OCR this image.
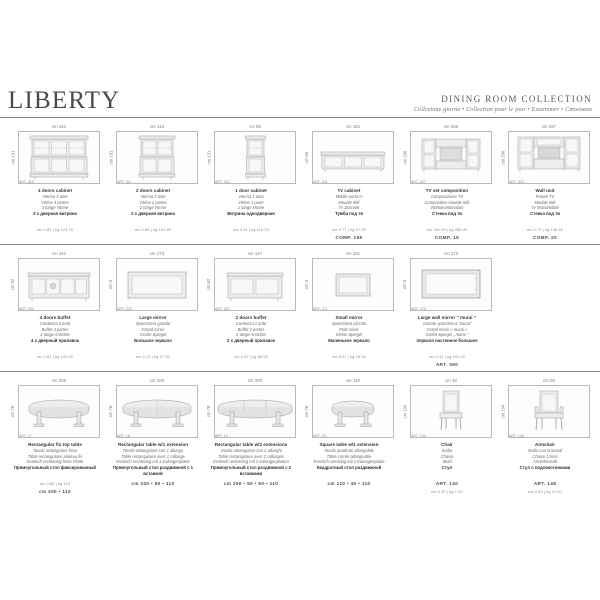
LIBERTY	DINING ROOM COLLECTION
Collezione giorno • Collection pour le jour • Esszimmer • Столовая
cm 141
cm 131
ART. 310
3 doors cabinet
Vetrina 3 ante
Vitrine 3 portes
3 türige Vitrine
3 х дверная витрина
mc 0.81 | kg 124.70
cm 110
cm 131
ART. 311
2 doors cabinet
Vetrina 2 ante
Vitrine 2 portes
2 türige Vitrine
2 х дверная витрина
mc 0.66 | kg 101.50
cm 65
cm 131
ART. 312
1 door cabinet
Vetrina 1 anta
Vitrine 1 porte
1 türige Vitrine
Витрина однодверная
mc 0.41 | kg 116.20
cm 161
cm 60
ART. 341
Tv cabinet
Mobile porta tv
Meuble télé
Tv Schrank
Тумба под тв
mc 0.77 | kg 67.00
COMP. 159
cm 285
cm 206
ART. 427
TV set composition
Composizione TV
Composition meuble télé
Wohnkombination
Стенка под тв
mc 161.00 | kg 285.40
COMP. 15
cm 297
cm 206
ART. 423
Wall unit
Parete TV
Meuble télé
Tv Wandmöbel
Стенка под тв
mc 0.72 | kg 136.40
COMP. 20
cm 141
cm 92
ART. 320
4 doors buffet
Credenza 4 ante
Buffet 4 portes
4 türige Anrichte
4 х дверный прилавок
mc 0.61 | kg 131.60
cm 173
cm 5
ART. 370
Large mirror
Specchiera grande
Grand miroir
Große Spiegel
Большое зеркало
mc 0.12 | kg 27.00
cm 147
cm 92
ART. 321
2 doors buffet
Credenza 2 ante
Buffet 2 portes
2 türige Anrichte
2 х дверный прилавок
mc 0.47 | kg 86.00
cm 101
cm 5
ART. 371
Small mirror
Specchiera piccola
Petit miroir
Kleine Spiegel
Маленькое зеркало
mc 0.07 | kg 18.00
cm 173
cm 5
ART. 379
Large wall mirror " murai "
Grande specchiera "murai"
Grand miroir « murai »
Große Spiegel „ murai "
Зеркало настенное большое
mc 0.12 | kg 101.40
ART. 350
cm 200
cm 78
ART. 17
Rectangular fix top table
Tavolo rettangolare fisso
Table rectangulaire plateau fix
Esstisch rechteckig feste Platte
Прямоугольный стол фиксированный
mc 0.60 | kg 110
cm 200 • 110
cm 200
cm 78
ART. 18
Rectangular table w/1 extension
Tavolo rettangolare con 1 allungo
Table rectangulaire avec 1 rallonge
Esstisch rechteckig mit 1 Ealongenplatte
Прямоугольный стол раздвижной с 1 вставкой
cm 200 • 50 • 110
cm 200
cm 78
ART. 19
Rectangular table w/2 extensions
Tavolo rettangolare con 2 allunghi
Table rectangulaire avec 2 rallonges
Esstisch rechteckig mit 2 Ealongenplatten
Прямоугольный стол раздвижной с 2 вставками
cm 200 • 50 • 50 • 110
cm 110
cm 78
ART. 20
Square table w/1 extension
Tavolo quadrato allungabile
Table carrée allongeable
Esstisch viereckig mit 1 Ealongenplatte
Квадратный стол раздвижной
cm 110 • 40 • 110
cm 48
cm 104
ART. 140
Chair
Sedia
Chaise
Stuhl
Стул
ART. 140
mc 0.30 | kg 7.00
cm 56
cm 104
ART. 148
Armchair
Sedia con braccioli
Chaise à bras
Armlehnstuhl
Стул с подлокотниками
ART. 148
mc 0.40 | kg 11.00
